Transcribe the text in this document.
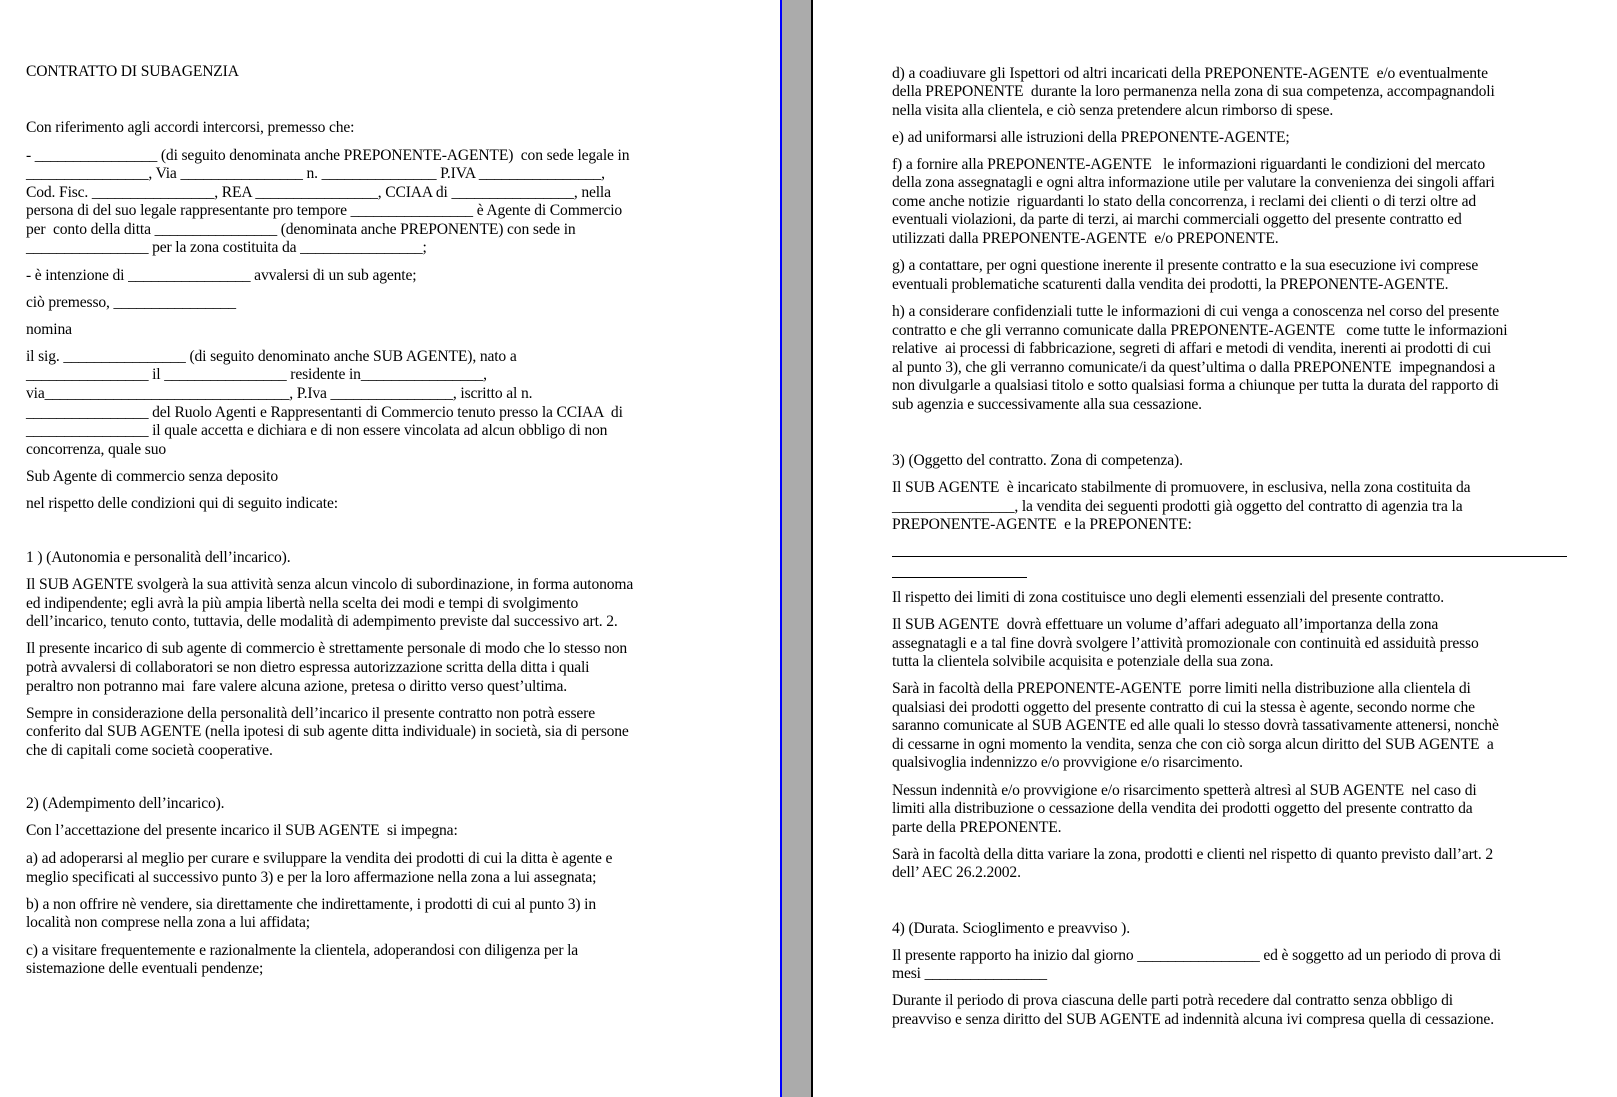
CONTRATTO DI SUBAGENZIA
Con riferimento agli accordi intercorsi, premesso che:
- ________________ (di seguito denominata anche PREPONENTE-AGENTE)  con sede legale in
________________, Via ________________ n. _______________ P.IVA ________________,
Cod. Fisc. ________________, REA ________________, CCIAA di ________________, nella
persona di del suo legale rappresentante pro tempore ________________ è Agente di Commercio
per  conto della ditta ________________ (denominata anche PREPONENTE) con sede in
________________ per la zona costituita da ________________;
- è intenzione di ________________ avvalersi di un sub agente;
ciò premesso, ________________
nomina
il sig. ________________ (di seguito denominato anche SUB AGENTE), nato a
________________ il ________________ residente in________________,
via________________________________, P.Iva ________________, iscritto al n.
________________ del Ruolo Agenti e Rappresentanti di Commercio tenuto presso la CCIAA  di
________________ il quale accetta e dichiara e di non essere vincolata ad alcun obbligo di non
concorrenza, quale suo
Sub Agente di commercio senza deposito
nel rispetto delle condizioni qui di seguito indicate:
1 ) (Autonomia e personalità dell’incarico).
Il SUB AGENTE svolgerà la sua attività senza alcun vincolo di subordinazione, in forma autonoma
ed indipendente; egli avrà la più ampia libertà nella scelta dei modi e tempi di svolgimento
dell’incarico, tenuto conto, tuttavia, delle modalità di adempimento previste dal successivo art. 2.
Il presente incarico di sub agente di commercio è strettamente personale di modo che lo stesso non
potrà avvalersi di collaboratori se non dietro espressa autorizzazione scritta della ditta i quali
peraltro non potranno mai  fare valere alcuna azione, pretesa o diritto verso quest’ultima.
Sempre in considerazione della personalità dell’incarico il presente contratto non potrà essere
conferito dal SUB AGENTE (nella ipotesi di sub agente ditta individuale) in società, sia di persone
che di capitali come società cooperative.
2) (Adempimento dell’incarico).
Con l’accettazione del presente incarico il SUB AGENTE  si impegna:
a) ad adoperarsi al meglio per curare e sviluppare la vendita dei prodotti di cui la ditta è agente e
meglio specificati al successivo punto 3) e per la loro affermazione nella zona a lui assegnata;
b) a non offrire nè vendere, sia direttamente che indirettamente, i prodotti di cui al punto 3) in
località non comprese nella zona a lui affidata;
c) a visitare frequentemente e razionalmente la clientela, adoperandosi con diligenza per la
sistemazione delle eventuali pendenze;
d) a coadiuvare gli Ispettori od altri incaricati della PREPONENTE-AGENTE  e/o eventualmente
della PREPONENTE  durante la loro permanenza nella zona di sua competenza, accompagnandoli
nella visita alla clientela, e ciò senza pretendere alcun rimborso di spese.
e) ad uniformarsi alle istruzioni della PREPONENTE-AGENTE;
f) a fornire alla PREPONENTE-AGENTE   le informazioni riguardanti le condizioni del mercato
della zona assegnatagli e ogni altra informazione utile per valutare la convenienza dei singoli affari
come anche notizie  riguardanti lo stato della concorrenza, i reclami dei clienti o di terzi oltre ad
eventuali violazioni, da parte di terzi, ai marchi commerciali oggetto del presente contratto ed
utilizzati dalla PREPONENTE-AGENTE  e/o PREPONENTE.
g) a contattare, per ogni questione inerente il presente contratto e la sua esecuzione ivi comprese
eventuali problematiche scaturenti dalla vendita dei prodotti, la PREPONENTE-AGENTE.
h) a considerare confidenziali tutte le informazioni di cui venga a conoscenza nel corso del presente
contratto e che gli verranno comunicate dalla PREPONENTE-AGENTE   come tutte le informazioni
relative  ai processi di fabbricazione, segreti di affari e metodi di vendita, inerenti ai prodotti di cui
al punto 3), che gli verranno comunicate/i da quest’ultima o dalla PREPONENTE  impegnandosi a
non divulgarle a qualsiasi titolo e sotto qualsiasi forma a chiunque per tutta la durata del rapporto di
sub agenzia e successivamente alla sua cessazione.
3) (Oggetto del contratto. Zona di competenza).
Il SUB AGENTE  è incaricato stabilmente di promuovere, in esclusiva, nella zona costituita da
________________, la vendita dei seguenti prodotti già oggetto del contratto di agenzia tra la
PREPONENTE-AGENTE  e la PREPONENTE:
Il rispetto dei limiti di zona costituisce uno degli elementi essenziali del presente contratto.
Il SUB AGENTE  dovrà effettuare un volume d’affari adeguato all’importanza della zona
assegnatagli e a tal fine dovrà svolgere l’attività promozionale con continuità ed assiduità presso
tutta la clientela solvibile acquisita e potenziale della sua zona.
Sarà in facoltà della PREPONENTE-AGENTE  porre limiti nella distribuzione alla clientela di
qualsiasi dei prodotti oggetto del presente contratto di cui la stessa è agente, secondo norme che
saranno comunicate al SUB AGENTE ed alle quali lo stesso dovrà tassativamente attenersi, nonchè
di cessarne in ogni momento la vendita, senza che con ciò sorga alcun diritto del SUB AGENTE  a
qualsivoglia indennizzo e/o provvigione e/o risarcimento.
Nessun indennità e/o provvigione e/o risarcimento spetterà altresì al SUB AGENTE  nel caso di
limiti alla distribuzione o cessazione della vendita dei prodotti oggetto del presente contratto da
parte della PREPONENTE.
Sarà in facoltà della ditta variare la zona, prodotti e clienti nel rispetto di quanto previsto dall’art. 2
dell’ AEC 26.2.2002.
4) (Durata. Scioglimento e preavviso ).
Il presente rapporto ha inizio dal giorno ________________ ed è soggetto ad un periodo di prova di
mesi ________________
Durante il periodo di prova ciascuna delle parti potrà recedere dal contratto senza obbligo di
preavviso e senza diritto del SUB AGENTE ad indennità alcuna ivi compresa quella di cessazione.
